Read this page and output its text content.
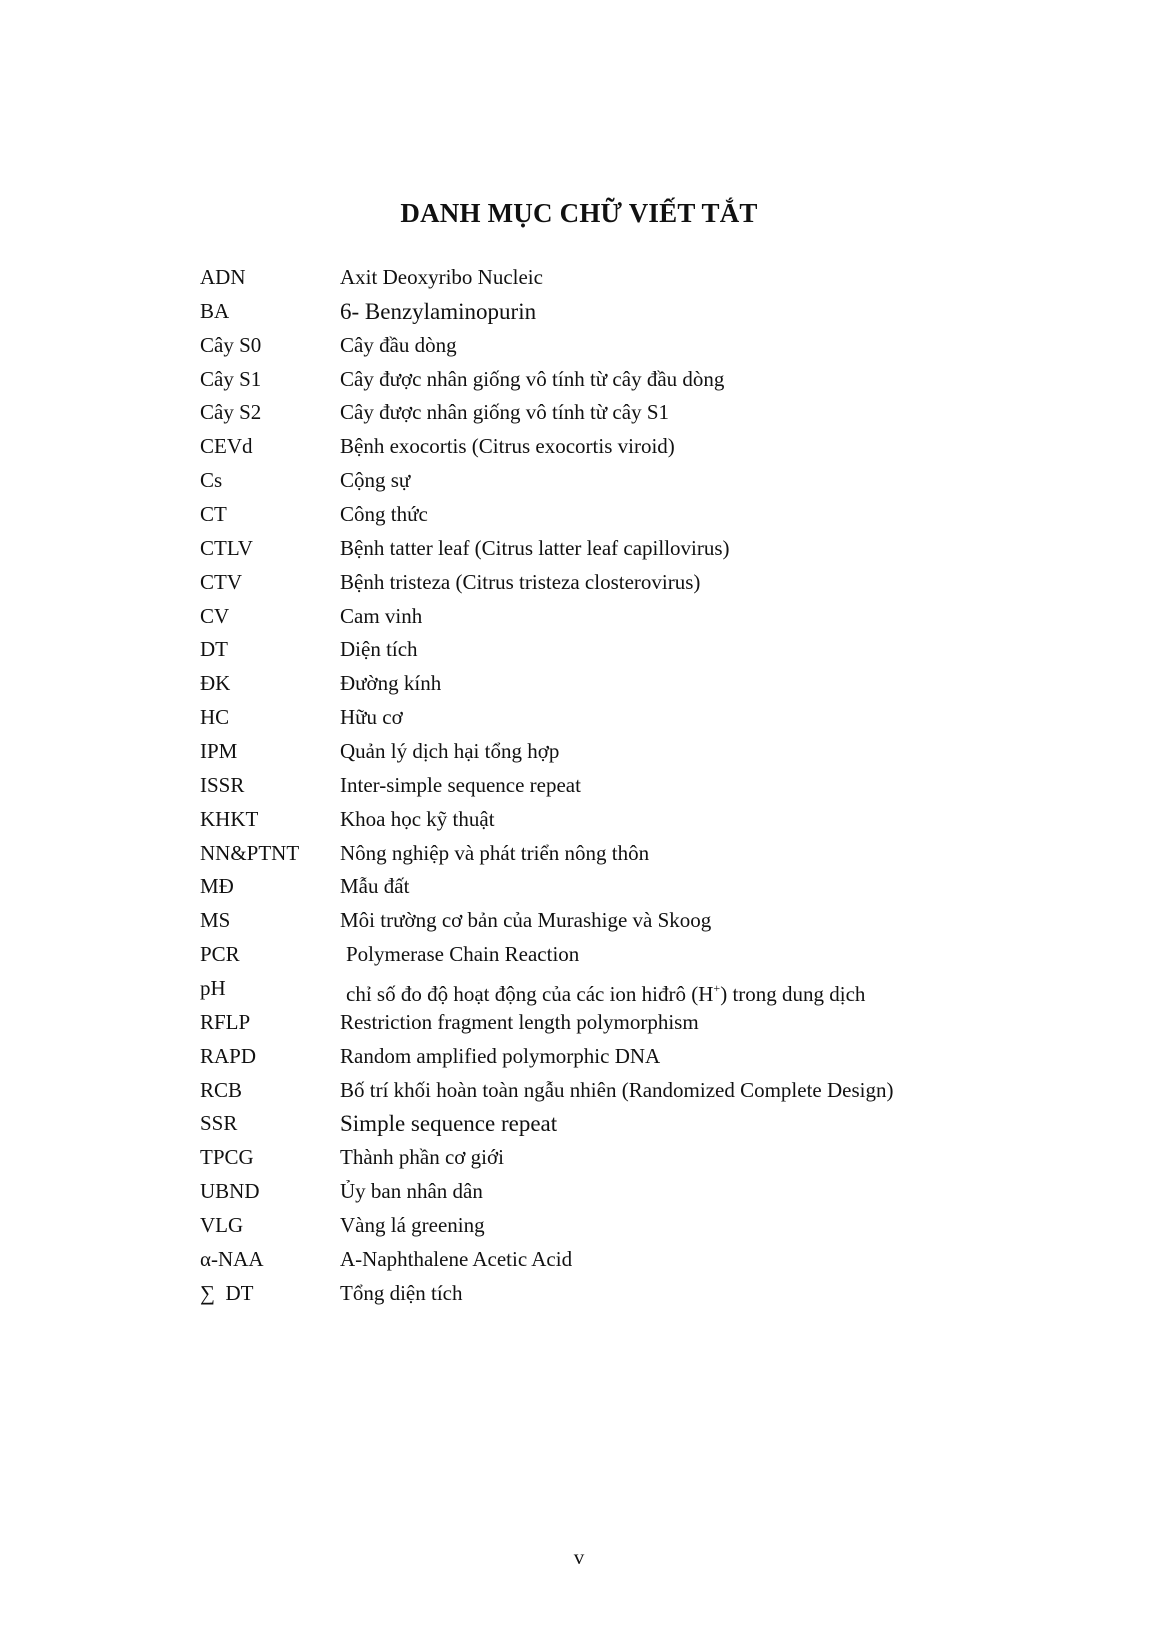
DANH MỤC CHỮ VIẾT TẮT
ADN	Axit Deoxyribo Nucleic
BA	6- Benzylaminopurin
Cây S0	Cây đầu dòng
Cây S1	Cây được nhân giống vô tính từ cây đầu dòng
Cây S2	Cây được nhân giống vô tính từ cây S1
CEVd	Bệnh exocortis (Citrus exocortis viroid)
Cs	Cộng sự
CT	Công thức
CTLV	Bệnh tatter leaf (Citrus latter leaf capillovirus)
CTV	Bệnh tristeza (Citrus tristeza closterovirus)
CV	Cam vinh
DT	Diện tích
ĐK	Đường kính
HC	Hữu cơ
IPM	Quản lý dịch hại tổng hợp
ISSR	Inter-simple sequence repeat
KHKT	Khoa học kỹ thuật
NN&PTNT Nông nghiệp và phát triển nông thôn
MĐ	Mẫu đất
MS	Môi trường cơ bản của Murashige và Skoog
PCR	Polymerase Chain Reaction
pH	chỉ số đo độ hoạt động của các ion hiđrô (H+) trong dung dịch
RFLP	Restriction fragment length polymorphism
RAPD	Random amplified polymorphic DNA
RCB	Bố trí khối hoàn toàn ngẫu nhiên (Randomized Complete Design)
SSR	Simple sequence repeat
TPCG	Thành phần cơ giới
UBND	Ủy ban nhân dân
VLG	Vàng lá greening
α-NAA	A-Naphthalene Acetic Acid
∑  DT	Tổng diện tích
v
